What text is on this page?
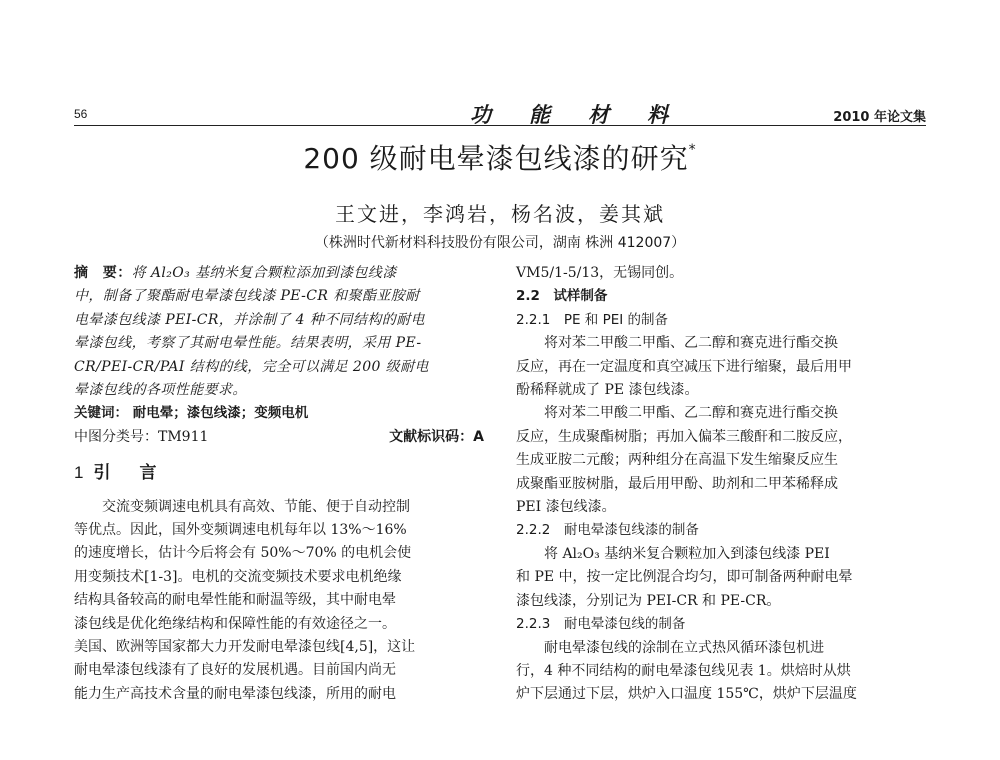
56	功能材料	2010 年论文集
200 级耐电晕漆包线漆的研究*
王文进，李鸿岩，杨名波，姜其斌
（株洲时代新材料科技股份有限公司，湖南 株洲 412007）
摘　要：将 Al₂O₃ 基纳米复合颗粒添加到漆包线漆
中，制备了聚酯耐电晕漆包线漆 PE-CR 和聚酯亚胺耐
电晕漆包线漆 PEI-CR，并涂制了 4 种不同结构的耐电
晕漆包线，考察了其耐电晕性能。结果表明，采用 PE-
CR/PEI-CR/PAI 结构的线，完全可以满足 200 级耐电
晕漆包线的各项性能要求。
关键词： 耐电晕；漆包线漆；变频电机
中图分类号：TM911	文献标识码：A
1 引　言
交流变频调速电机具有高效、节能、便于自动控制
等优点。因此，国外变频调速电机每年以 13%～16%
的速度增长，估计今后将会有 50%～70% 的电机会使
用变频技术[1-3]。电机的交流变频技术要求电机绝缘
结构具备较高的耐电晕性能和耐温等级，其中耐电晕
漆包线是优化绝缘结构和保障性能的有效途径之一。
美国、欧洲等国家都大力开发耐电晕漆包线[4,5]，这让
耐电晕漆包线漆有了良好的发展机遇。目前国内尚无
能力生产高技术含量的耐电晕漆包线漆，所用的耐电
VM5/1-5/13，无锡同创。
2.2　试样制备
2.2.1　PE 和 PEI 的制备
将对苯二甲酸二甲酯、乙二醇和赛克进行酯交换
反应，再在一定温度和真空减压下进行缩聚，最后用甲
酚稀释就成了 PE 漆包线漆。
将对苯二甲酸二甲酯、乙二醇和赛克进行酯交换
反应，生成聚酯树脂；再加入偏苯三酸酐和二胺反应，
生成亚胺二元酸；两种组分在高温下发生缩聚反应生
成聚酯亚胺树脂，最后用甲酚、助剂和二甲苯稀释成
PEI 漆包线漆。
2.2.2　耐电晕漆包线漆的制备
将 Al₂O₃ 基纳米复合颗粒加入到漆包线漆 PEI
和 PE 中，按一定比例混合均匀，即可制备两种耐电晕
漆包线漆，分别记为 PEI-CR 和 PE-CR。
2.2.3　耐电晕漆包线的制备
耐电晕漆包线的涂制在立式热风循环漆包机进
行，4 种不同结构的耐电晕漆包线见表 1。烘焙时从烘
炉下层通过下层，烘炉入口温度 155℃，烘炉下层温度
